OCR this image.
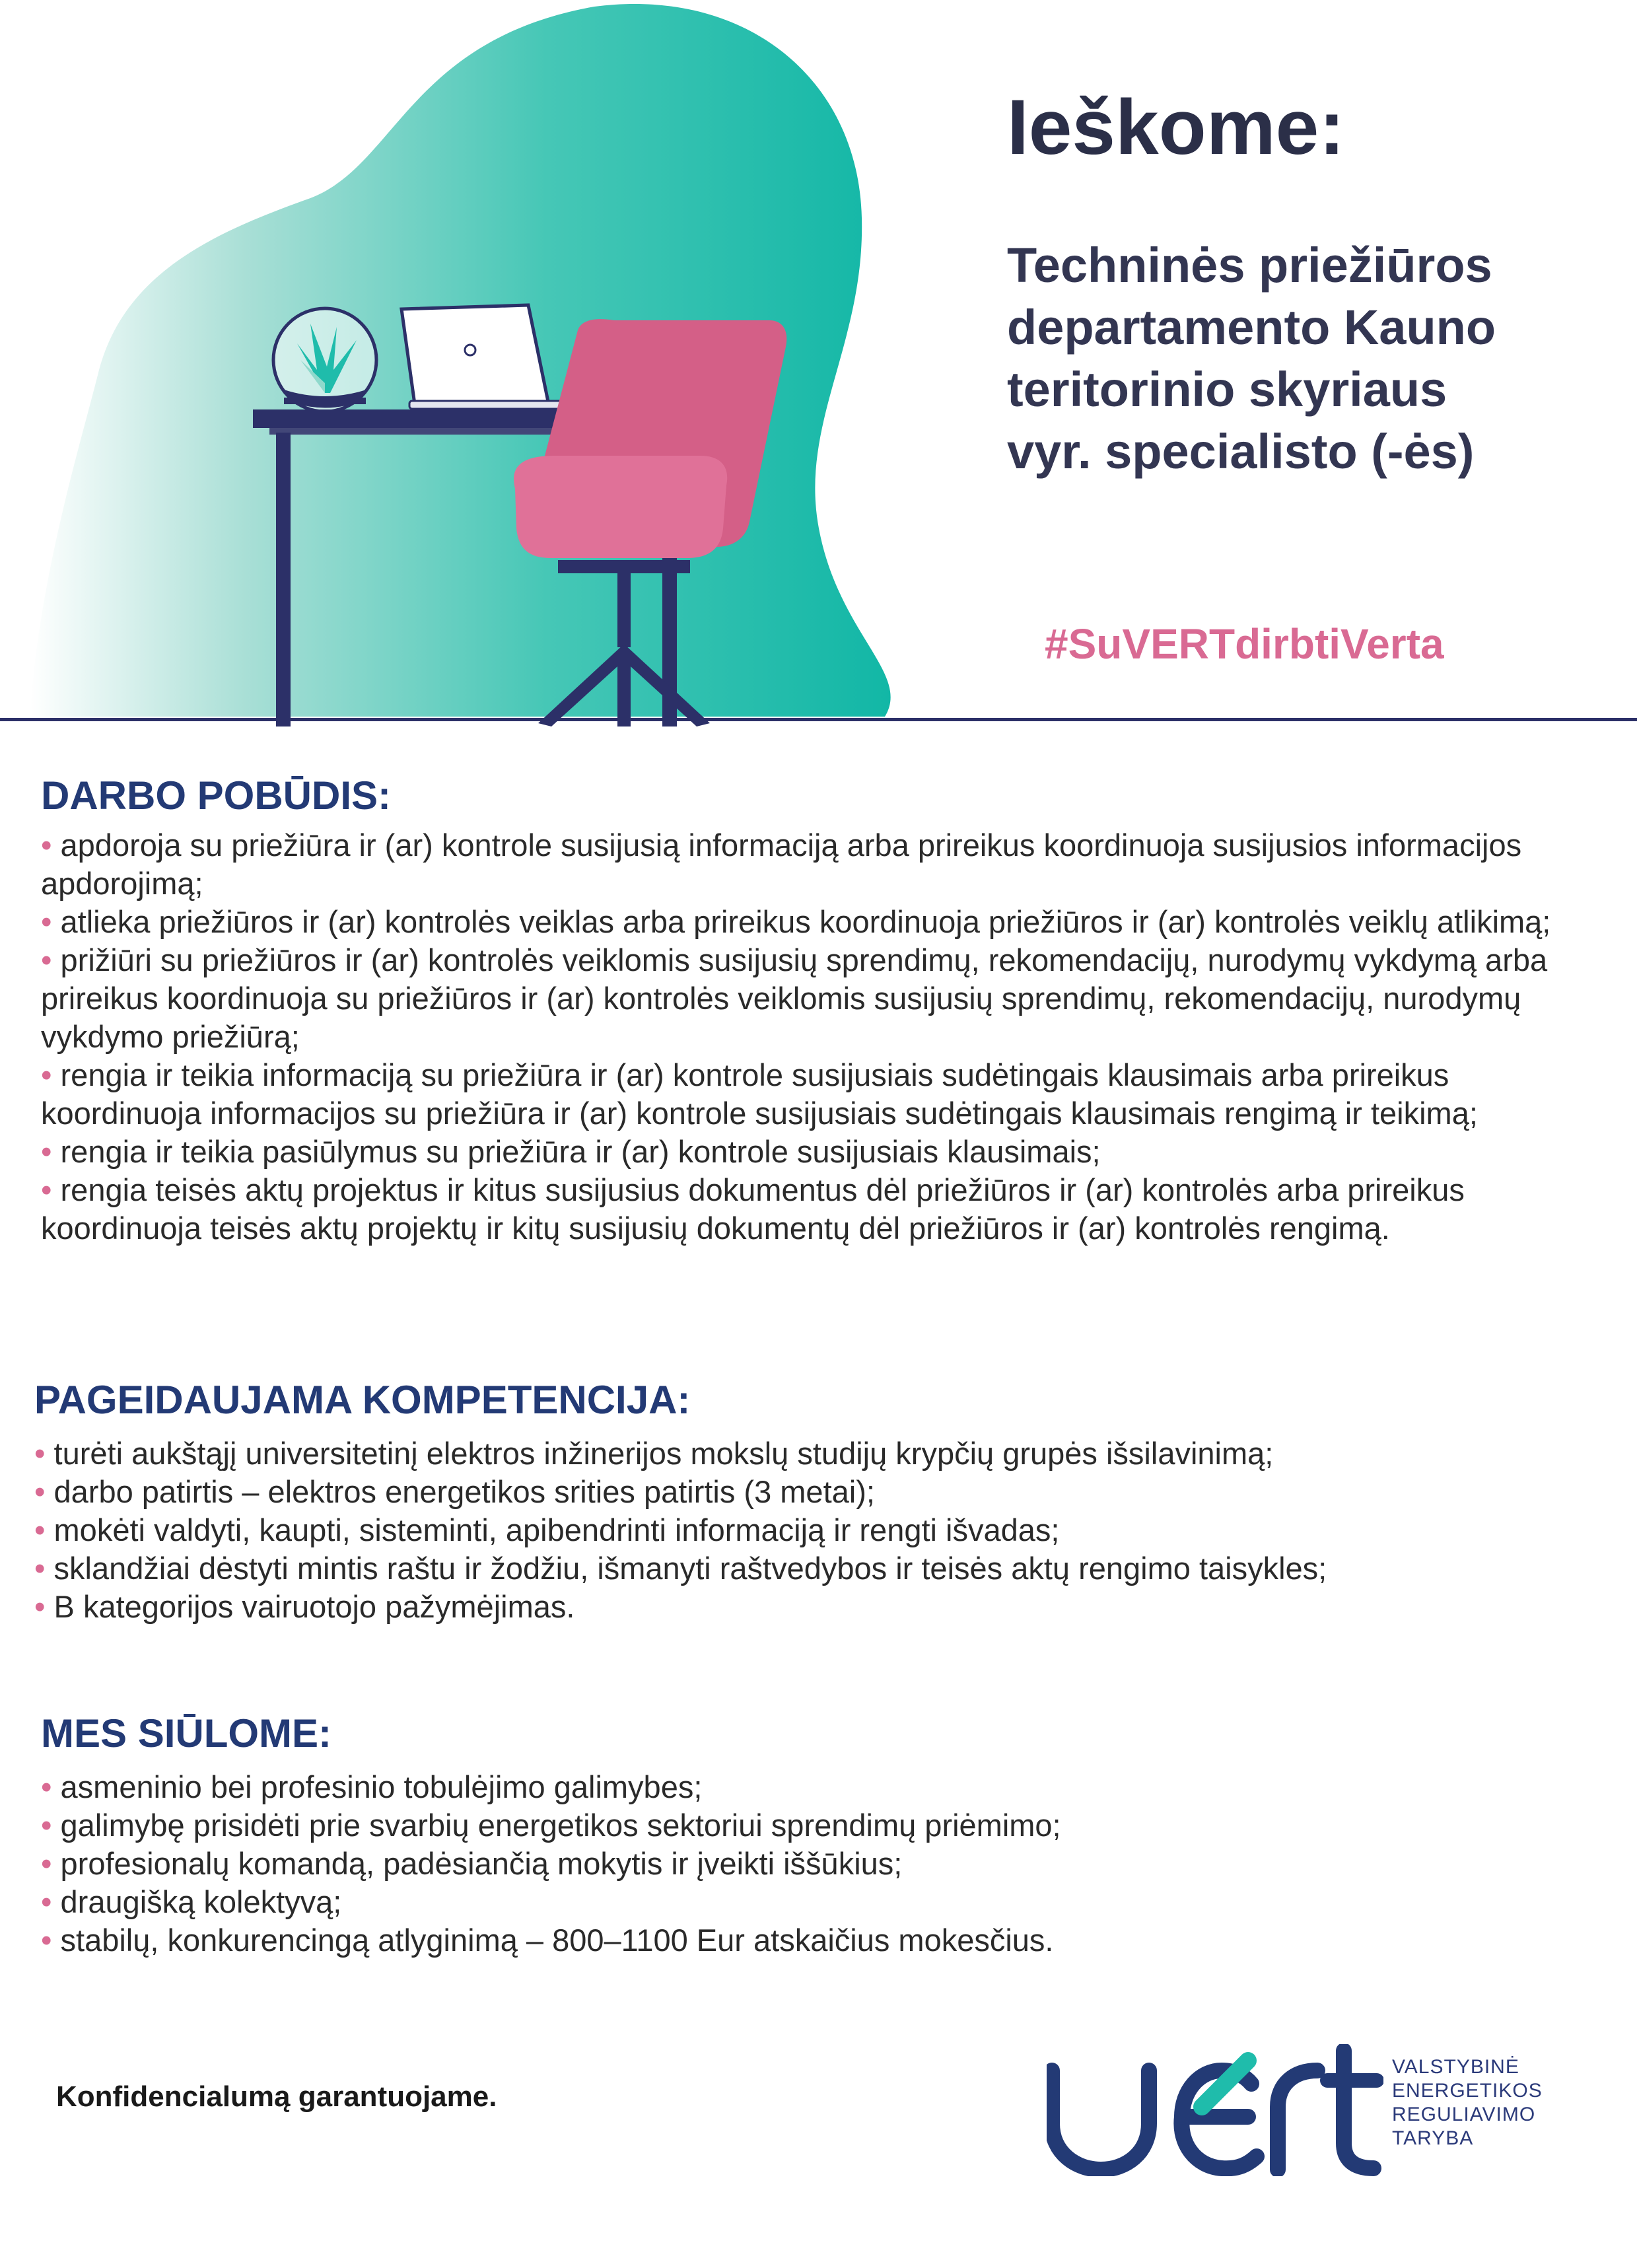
Ieškome:
Techninės priežiūros
departamento Kauno
teritorinio skyriaus
vyr. specialisto (-ės)
#SuVERTdirbtiVerta
DARBO POBŪDIS:
• apdoroja su priežiūra ir (ar) kontrole susijusią informaciją arba prireikus koordinuoja susijusios informacijos apdorojimą;
• atlieka priežiūros ir (ar) kontrolės veiklas arba prireikus koordinuoja priežiūros ir (ar) kontrolės veiklų atlikimą;
• prižiūri su priežiūros ir (ar) kontrolės veiklomis susijusių sprendimų, rekomendacijų, nurodymų vykdymą arba prireikus koordinuoja su priežiūros ir (ar) kontrolės veiklomis susijusių sprendimų, rekomendacijų, nurodymų vykdymo priežiūrą;
• rengia ir teikia informaciją su priežiūra ir (ar) kontrole susijusiais sudėtingais klausimais arba prireikus koordinuoja informacijos su priežiūra ir (ar) kontrole susijusiais sudėtingais klausimais rengimą ir teikimą;
• rengia ir teikia pasiūlymus su priežiūra ir (ar) kontrole susijusiais klausimais;
• rengia teisės aktų projektus ir kitus susijusius dokumentus dėl priežiūros ir (ar) kontrolės arba prireikus koordinuoja teisės aktų projektų ir kitų susijusių dokumentų dėl priežiūros ir (ar) kontrolės rengimą.
PAGEIDAUJAMA KOMPETENCIJA:
• turėti aukštąjį universitetinį elektros inžinerijos mokslų studijų krypčių grupės išsilavinimą;
• darbo patirtis – elektros energetikos srities patirtis (3 metai);
• mokėti valdyti, kaupti, sisteminti, apibendrinti informaciją ir rengti išvadas;
• sklandžiai dėstyti mintis raštu ir žodžiu, išmanyti raštvedybos ir teisės aktų rengimo taisykles;
• B kategorijos vairuotojo pažymėjimas.
MES SIŪLOME:
• asmeninio bei profesinio tobulėjimo galimybes;
• galimybę prisidėti prie svarbių energetikos sektoriui sprendimų priėmimo;
• profesionalų komandą, padėsiančią mokytis ir įveikti iššūkius;
• draugišką kolektyvą;
• stabilų, konkurencingą atlyginimą – 800–1100 Eur atskaičius mokesčius.
Konfidencialumą garantuojame.
VALSTYBINĖ
ENERGETIKOS
REGULIAVIMO
TARYBA
